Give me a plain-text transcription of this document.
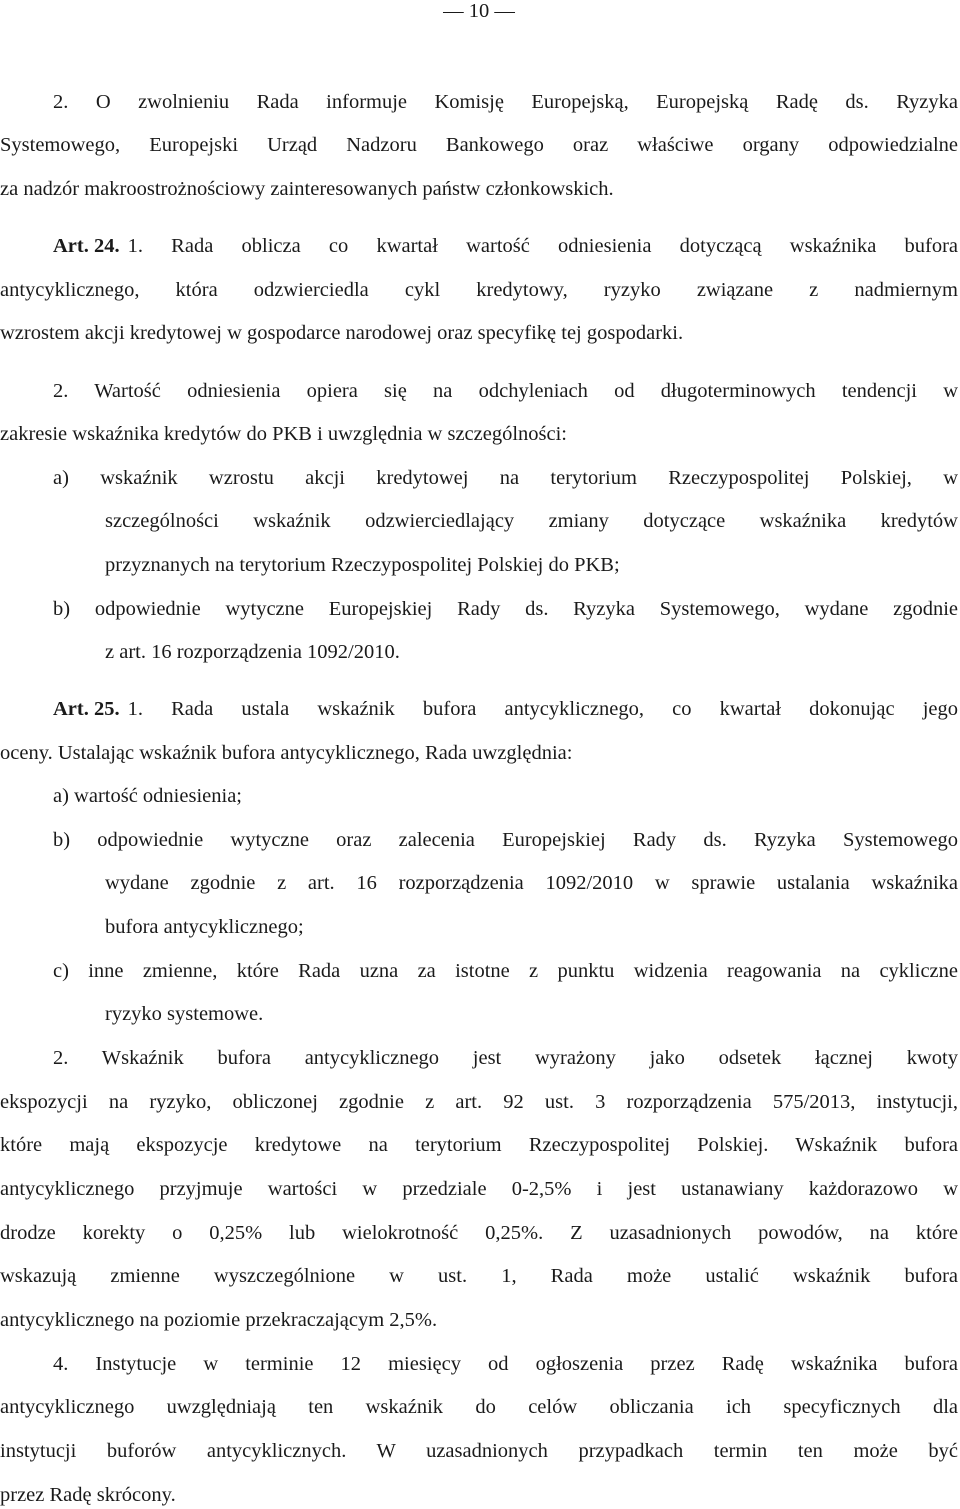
— 10 —
2. O zwolnieniu Rada informuje Komisję Europejską, Europejską Radę ds. Ryzyka
Systemowego, Europejski Urząd Nadzoru Bankowego oraz właściwe organy odpowiedzialne
za nadzór makroostrożnościowy zainteresowanych państw członkowskich.
Art. 24. 1. Rada oblicza co kwartał wartość odniesienia dotyczącą wskaźnika bufora
antycyklicznego, która odzwierciedla cykl kredytowy, ryzyko związane z nadmiernym
wzrostem akcji kredytowej w gospodarce narodowej oraz specyfikę tej gospodarki.
2. Wartość odniesienia opiera się na odchyleniach od długoterminowych tendencji w
zakresie wskaźnika kredytów do PKB i uwzględnia w szczególności:
a) wskaźnik wzrostu akcji kredytowej na terytorium Rzeczypospolitej Polskiej, w
szczególności wskaźnik odzwierciedlający zmiany dotyczące wskaźnika kredytów
przyznanych na terytorium Rzeczypospolitej Polskiej do PKB;
b) odpowiednie wytyczne Europejskiej Rady ds. Ryzyka Systemowego, wydane zgodnie
z art. 16 rozporządzenia 1092/2010.
Art. 25. 1. Rada ustala wskaźnik bufora antycyklicznego, co kwartał dokonując jego
oceny. Ustalając wskaźnik bufora antycyklicznego, Rada uwzględnia:
a) wartość odniesienia;
b) odpowiednie wytyczne oraz zalecenia Europejskiej Rady ds. Ryzyka Systemowego
wydane zgodnie z art. 16 rozporządzenia 1092/2010 w sprawie ustalania wskaźnika
bufora antycyklicznego;
c) inne zmienne, które Rada uzna za istotne z punktu widzenia reagowania na cykliczne
ryzyko systemowe.
2. Wskaźnik bufora antycyklicznego jest wyrażony jako odsetek łącznej kwoty
ekspozycji na ryzyko, obliczonej zgodnie z art. 92 ust. 3 rozporządzenia 575/2013, instytucji,
które mają ekspozycje kredytowe na terytorium Rzeczypospolitej Polskiej. Wskaźnik bufora
antycyklicznego przyjmuje wartości w przedziale 0-2,5% i jest ustanawiany każdorazowo w
drodze korekty o 0,25% lub wielokrotność 0,25%. Z uzasadnionych powodów, na które
wskazują zmienne wyszczególnione w ust. 1, Rada może ustalić wskaźnik bufora
antycyklicznego na poziomie przekraczającym 2,5%.
4. Instytucje w terminie 12 miesięcy od ogłoszenia przez Radę wskaźnika bufora
antycyklicznego uwzględniają ten wskaźnik do celów obliczania ich specyficznych dla
instytucji buforów antycyklicznych. W uzasadnionych przypadkach termin ten może być
przez Radę skrócony.
